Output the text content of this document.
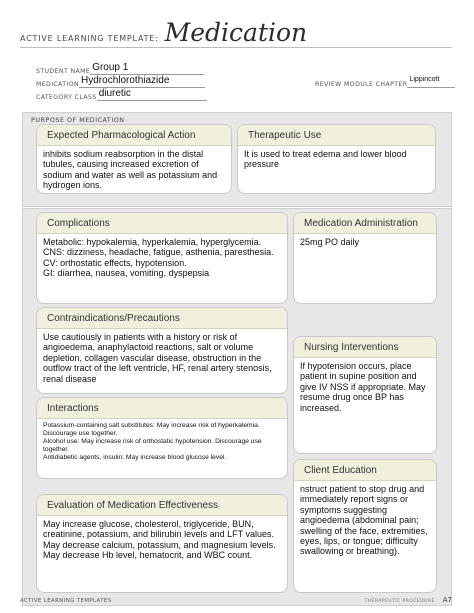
ACTIVE LEARNING TEMPLATE: Medication
STUDENT NAME Group 1
MEDICATION Hydrochlorothiazide	REVIEW MODULE CHAPTER
Lippincott
CATEGORY CLASS diuretic
PURPOSE OF MEDICATION
Expected Pharmacological Action
inhibits sodium reabsorption in the distal tubules, causing increased excretion of sodium and water as well as potassium and hydrogen ions.
Therapeutic Use
It is used to treat edema and lower blood pressure
Complications

Metabolic: hypokalemia, hyperkalemia, hyperglycemia.

CNS: dizziness, headache, fatigue, asthenia, paresthesia.

CV: orthostatic effects, hypotension.

GI: diarrhea, nausea, vomiting, dyspepsia

Medication Administration
25mg PO daily
Contraindications/Precautions
Use cautiously in patients with a history or risk of angioedema, anaphylactoid reactions, salt or volume depletion, collagen vascular disease, obstruction in the outflow tract of the left ventricle, HF, renal artery stenosis, renal disease
Nursing Interventions
If hypotension occurs, place patient in supine position and give IV NSS if appropriate. May resume drug once BP has increased.
Interactions

Potassium-containing salt substitutes: May increase risk of hyperkalemia. Discourage use together.

Alcohol use: May increase risk of orthostatic hypotension. Discourage use together.

Antidiabetic agents, insulin: May increase blood glucose level.

Client Education
nstruct patient to stop drug and immediately report signs or symptoms suggesting angioedema (abdominal pain; swelling of the face, extremities, eyes, lips, or tongue; difficulty swallowing or breathing).
Evaluation of Medication Effectiveness
May increase glucose, cholesterol, triglyceride, BUN, creatinine, potassium, and bilirubin levels and LFT values. May decrease calcium, potassium, and magnesium levels. May decrease Hb level, hematocrit, and WBC count.
ACTIVE LEARNING TEMPLATES	THERAPEUTIC PROCEDURE A7
